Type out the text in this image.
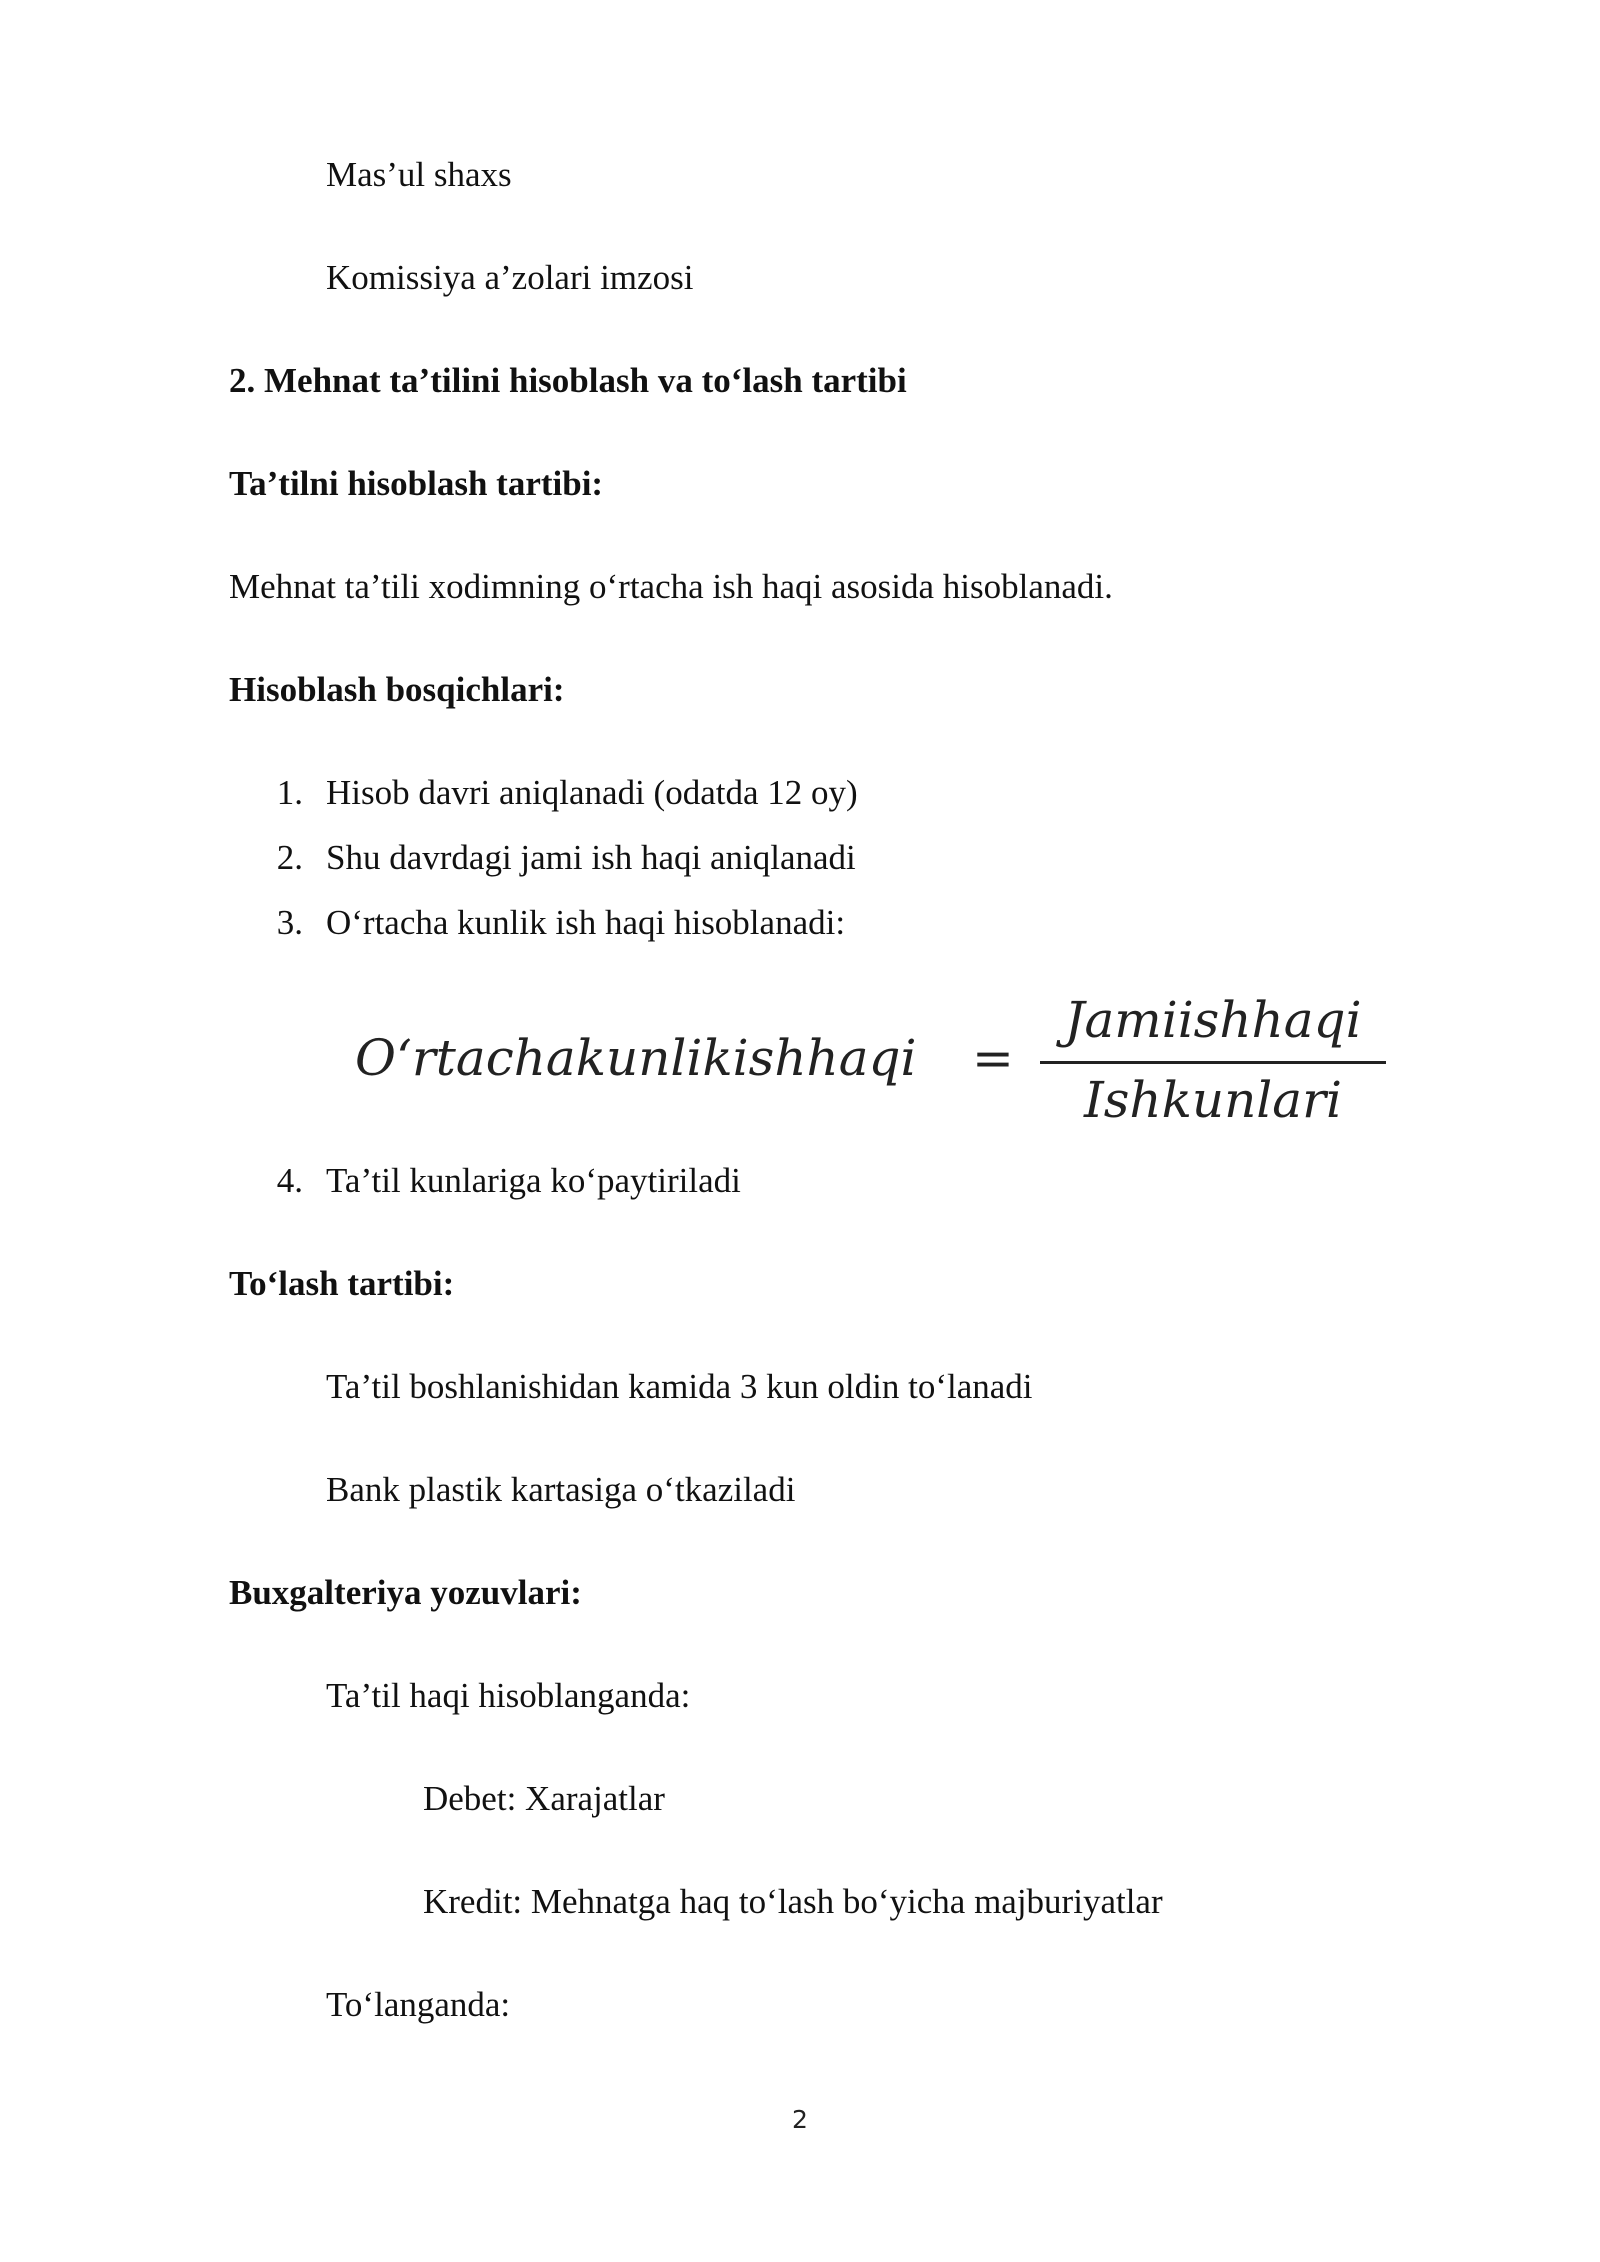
Mas’ul shaxs
Komissiya a’zolari imzosi
2. Mehnat ta’tilini hisoblash va to‘lash tartibi
Ta’tilni hisoblash tartibi:
Mehnat ta’tili xodimning o‘rtacha ish haqi asosida hisoblanadi.
Hisoblash bosqichlari:
1. Hisob davri aniqlanadi (odatda 12 oy)
2. Shu davrdagi jami ish haqi aniqlanadi
3. O‘rtacha kunlik ish haqi hisoblanadi:
O‘rtachakunlikishhaqi =
Jamiishhaqi
Ishkunlari
4. Ta’til kunlariga ko‘paytiriladi
To‘lash tartibi:
Ta’til boshlanishidan kamida 3 kun oldin to‘lanadi
Bank plastik kartasiga o‘tkaziladi
Buxgalteriya yozuvlari:
Ta’til haqi hisoblanganda:
Debet: Xarajatlar
Kredit: Mehnatga haq to‘lash bo‘yicha majburiyatlar
To‘langanda:
2
